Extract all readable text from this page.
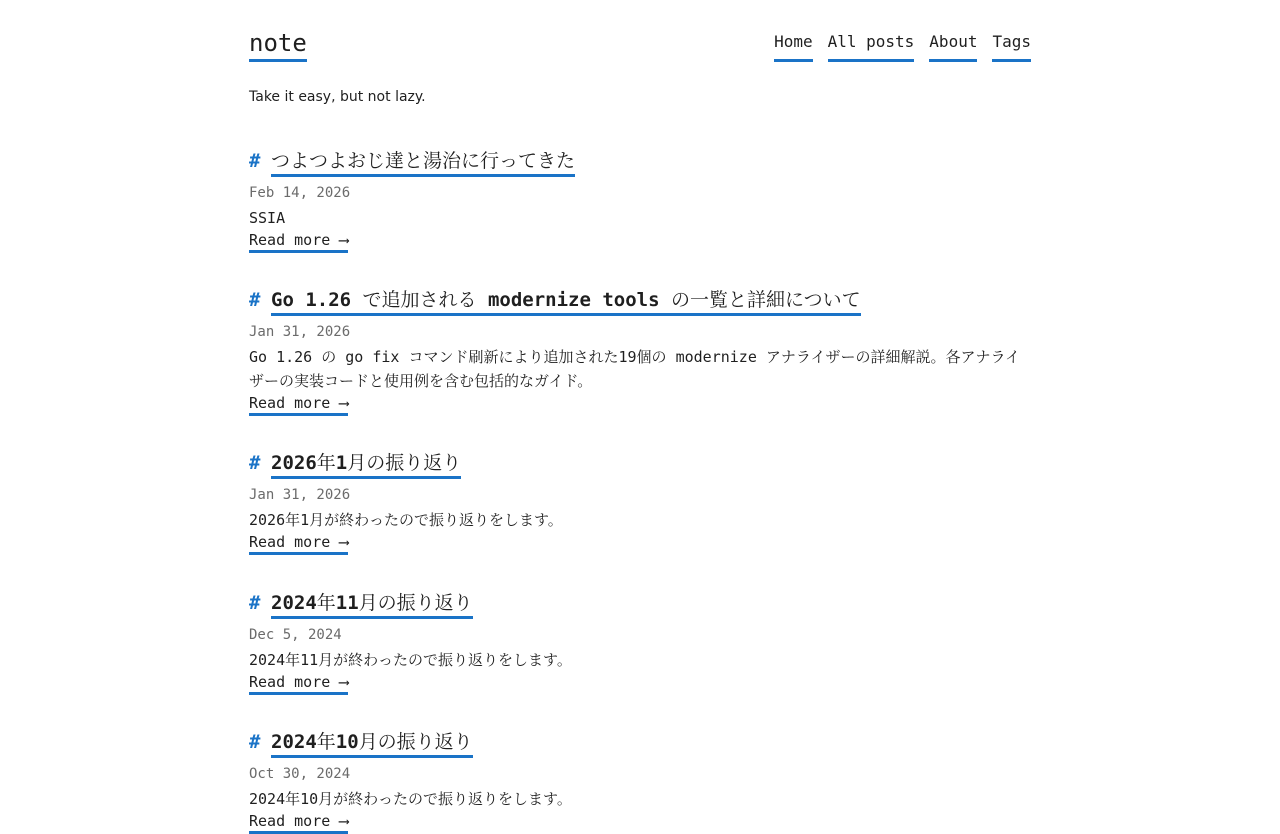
note	Home All posts About Tags
Take it easy, but not lazy.
# つよつよおじ達と湯治に行ってきた
Feb 14, 2026
SSIA
Read more ⟶
# Go 1.26 で追加される modernize tools の一覧と詳細について
Jan 31, 2026
Go 1.26 の go fix コマンド刷新により追加された19個の modernize アナライザーの詳細解説。各アナライザーの実装コードと使用例を含む包括的なガイド。
Read more ⟶
# 2026年1月の振り返り
Jan 31, 2026
2026年1月が終わったので振り返りをします。
Read more ⟶
# 2024年11月の振り返り
Dec 5, 2024
2024年11月が終わったので振り返りをします。
Read more ⟶
# 2024年10月の振り返り
Oct 30, 2024
2024年10月が終わったので振り返りをします。
Read more ⟶
